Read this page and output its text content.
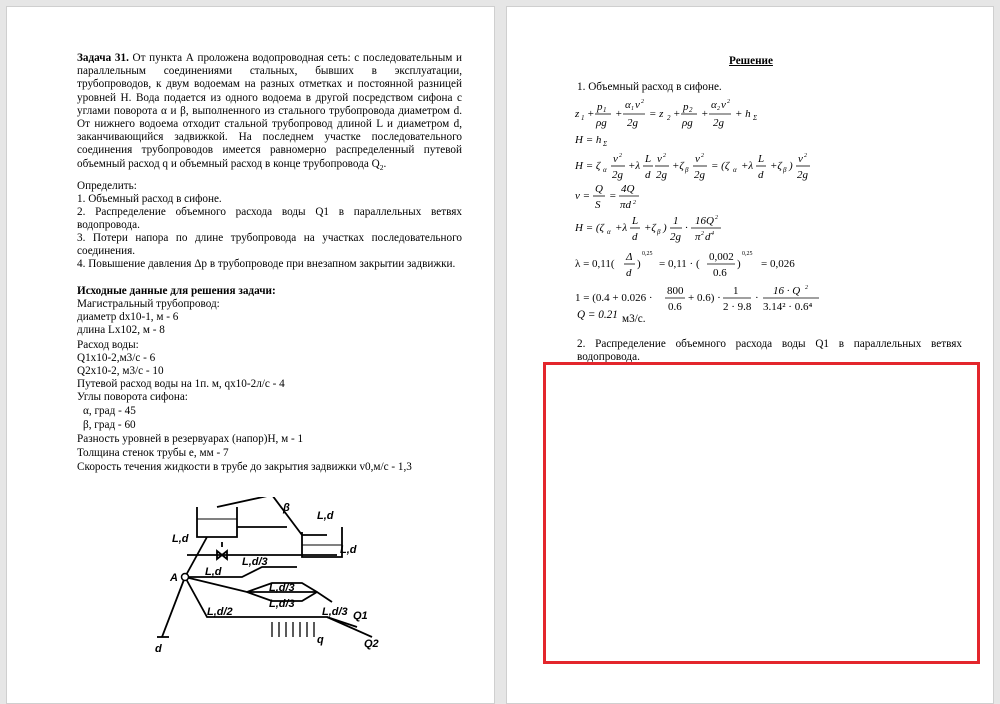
Задача 31. От пункта А проложена водопроводная сеть: с последовательным и параллельным соединениями стальных, бывших в эксплуатации, трубопроводов, к двум водоемам на разных отметках и постоянной разницей уровней Н. Вода подается из одного водоема в другой посредством сифона с углами поворота α и β, выполненного из стального трубопровода диаметром d. От нижнего водоема отходит стальной трубопровод длиной L и диаметром d, заканчивающийся задвижкой. На последнем участке последовательного соединения трубопроводов имеется равномерно распределенный путевой объемный расход q и объемный расход в конце трубопровода $Q_2$.
Определить:
1. Объемный расход в сифоне.
2. Распределение объемного расхода воды Q1 в параллельных ветвях водопровода.
3. Потери напора по длине трубопровода на участках последовательного соединения.
4. Повышение давления Δp в трубопроводе при внезапном закрытии задвижки.
Исходные данные для решения задачи:
Магистральный трубопровод:
диаметр dx10-1, м - 6
длина Lx102, м - 8
Расход воды:
Q1x10-2,м3/с - 6
Q2x10-2, м3/с - 10
Путевой расход воды на 1п. м, qx10-2л/с - 4
Углы поворота сифона:
α, град - 45
β, град - 60
Разность уровней в резервуарах (напор)Н, м - 1
Толщина стенок трубы е, мм - 7
Скорость течения жидкости в трубе до закрытия задвижки v0,м/с - 1,3
β
L,d
L,d
L,d
L,d
A
L,d/3
L,d/3
L,d/3
L,d/3
L,d/2	Q1
Q2
q
d
Решение
1. Объемный расход в сифоне.
z 1 +
p 1
ρg
+
α 1 v 2
2g
= z 2 +
p 2
ρg
+
α 2 v 2
2g
+ h Σ
H = h Σ
H = ζ α
v 2
2g
+λ
L
d
v 2
2g
+ζ β
v 2
2g
= (ζ α +λ
L
d
+ζ β )
v 2
2g
v =
Q
S
=
4Q
πd 2
H = (ζ α +λ
L
d
+ζ β )
1
2g
·
16Q 2
π 2 d 4
λ = 0,11(
Δ
d
)
0,25
= 0,11 · (
0,002
0.6
)
0,25
= 0,026
1 = (0.4 + 0.026 ·
800
0.6
+ 0.6) ·
1
2 · 9.8
·
16 · Q 2
3.14² · 0.6⁴
Q = 0.21 м3/с.
2. Распределение объемного расхода воды Q1 в параллельных ветвях водопровода.
